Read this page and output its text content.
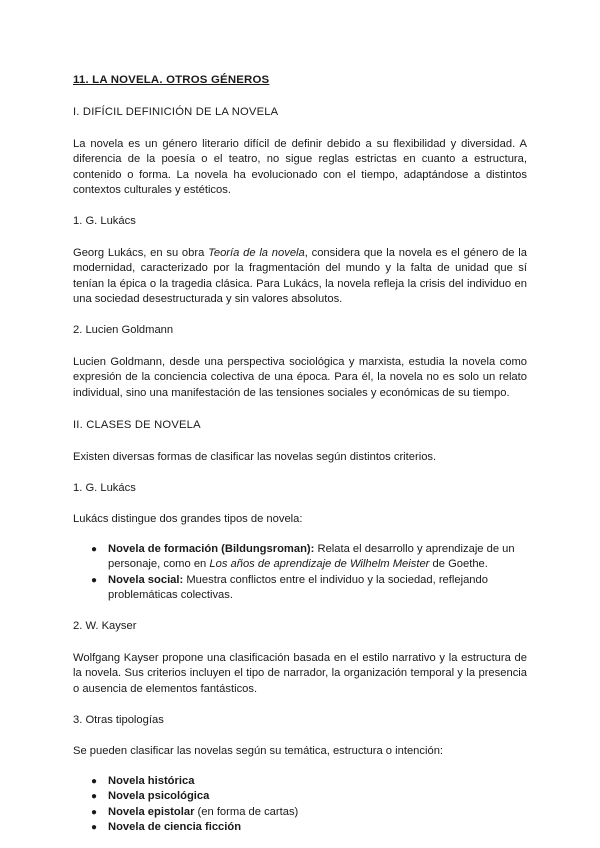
11. LA NOVELA. OTROS GÉNEROS
I. DIFÍCIL DEFINICIÓN DE LA NOVELA

La novela es un género literario difícil de definir debido a su flexibilidad y diversidad. A diferencia de la poesía o el teatro, no sigue reglas estrictas en cuanto a estructura, contenido o forma. La novela ha evolucionado con el tiempo, adaptándose a distintos contextos culturales y estéticos.

1. G. Lukács

Georg Lukács, en su obra Teoría de la novela, considera que la novela es el género de la modernidad, caracterizado por la fragmentación del mundo y la falta de unidad que sí tenían la épica o la tragedia clásica. Para Lukács, la novela refleja la crisis del individuo en una sociedad desestructurada y sin valores absolutos.

2. Lucien Goldmann

Lucien Goldmann, desde una perspectiva sociológica y marxista, estudia la novela como expresión de la conciencia colectiva de una época. Para él, la novela no es solo un relato individual, sino una manifestación de las tensiones sociales y económicas de su tiempo.

II. CLASES DE NOVELA

Existen diversas formas de clasificar las novelas según distintos criterios.

1. G. Lukács

Lukács distingue dos grandes tipos de novela:

● Novela de formación (Bildungsroman): Relata el desarrollo y aprendizaje de un personaje, como en Los años de aprendizaje de Wilhelm Meister de Goethe.
● Novela social: Muestra conflictos entre el individuo y la sociedad, reflejando problemáticas colectivas.
2. W. Kayser

Wolfgang Kayser propone una clasificación basada en el estilo narrativo y la estructura de la novela. Sus criterios incluyen el tipo de narrador, la organización temporal y la presencia o ausencia de elementos fantásticos.

3. Otras tipologías

Se pueden clasificar las novelas según su temática, estructura o intención:

● Novela histórica
● Novela psicológica
● Novela epistolar (en forma de cartas)
● Novela de ciencia ficción
